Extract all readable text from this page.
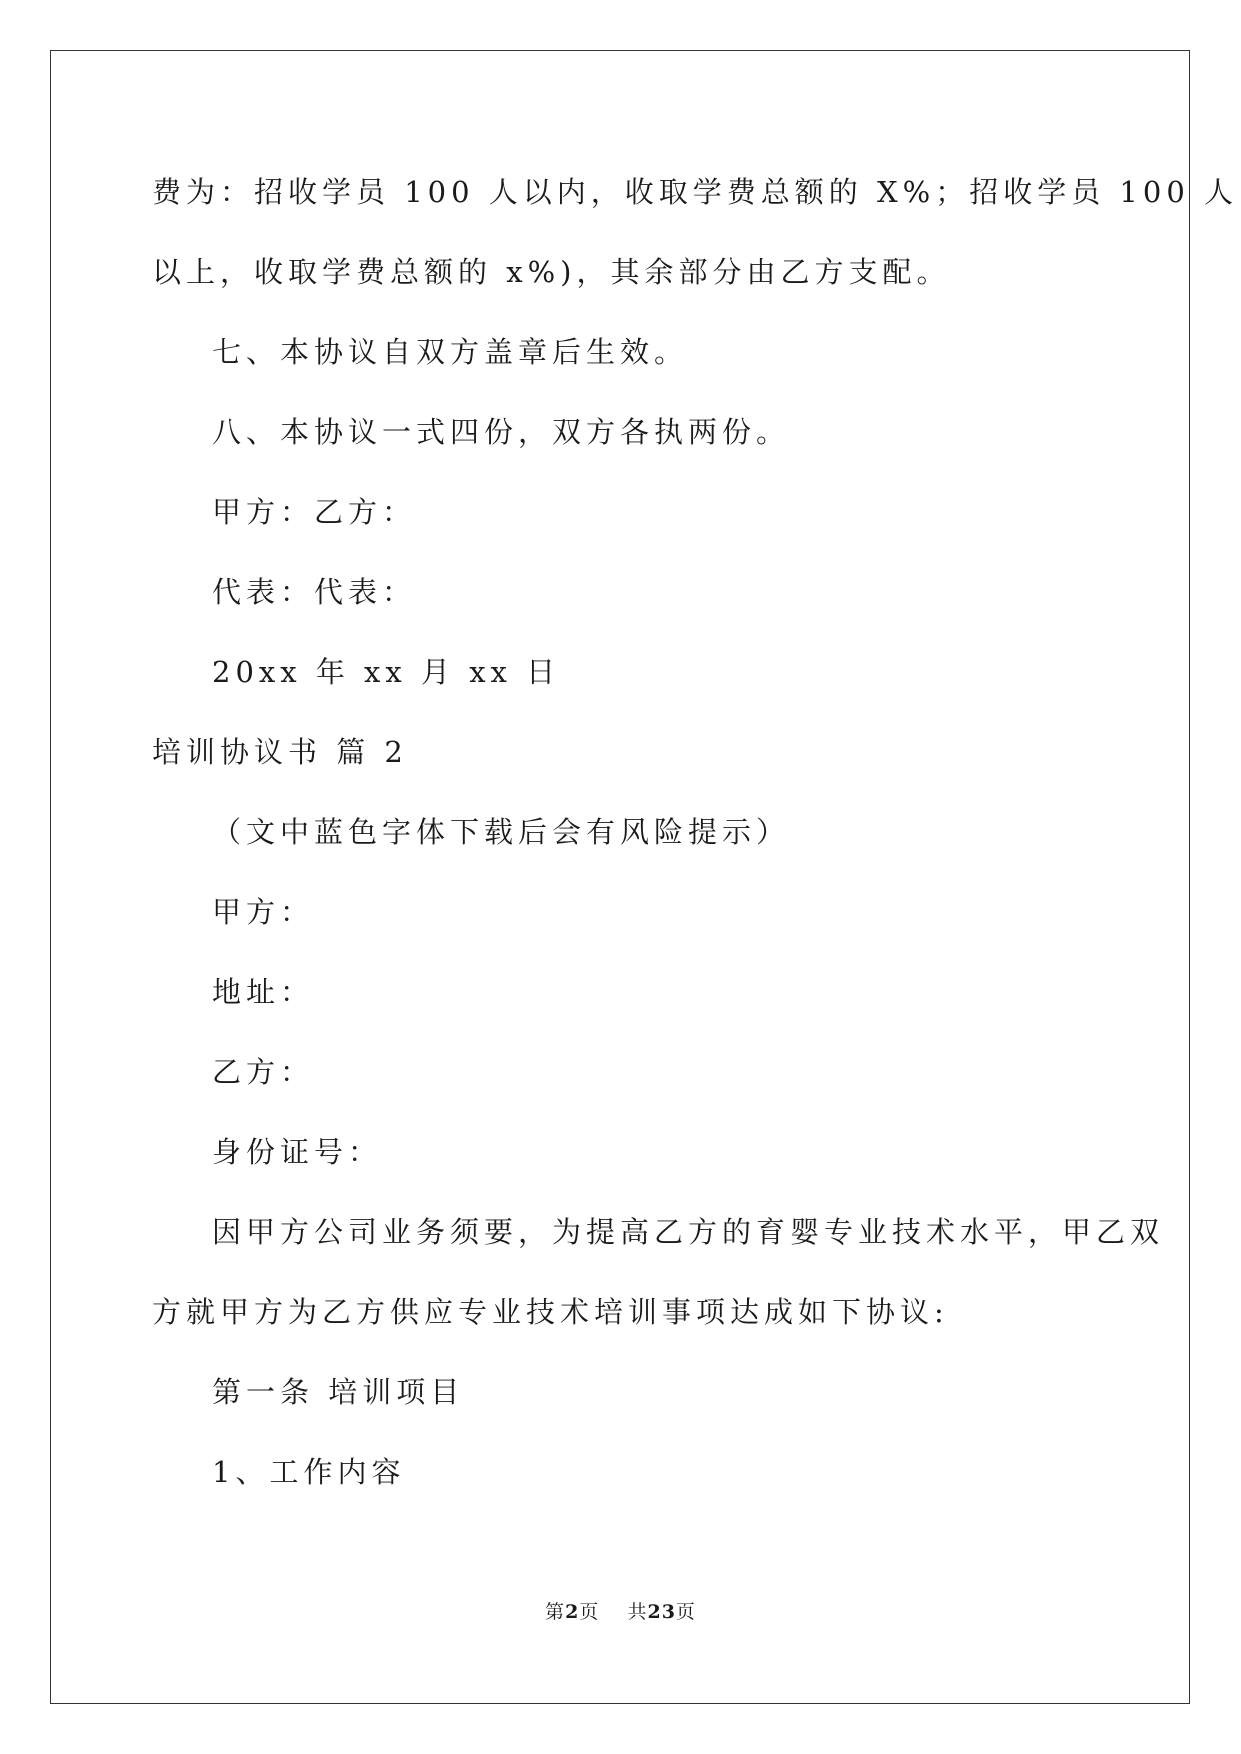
费为：招收学员 100 人以内，收取学费总额的 X%；招收学员 100 人
以上，收取学费总额的 x%)，其余部分由乙方支配。
七、本协议自双方盖章后生效。
八、本协议一式四份，双方各执两份。
甲方：乙方：
代表：代表：
20xx 年 xx 月 xx 日
培训协议书 篇 2
（文中蓝色字体下载后会有风险提示）
甲方：
地址：
乙方：
身份证号：
因甲方公司业务须要，为提高乙方的育婴专业技术水平，甲乙双
方就甲方为乙方供应专业技术培训事项达成如下协议:
第一条 培训项目
1、工作内容
第2页    共23页
